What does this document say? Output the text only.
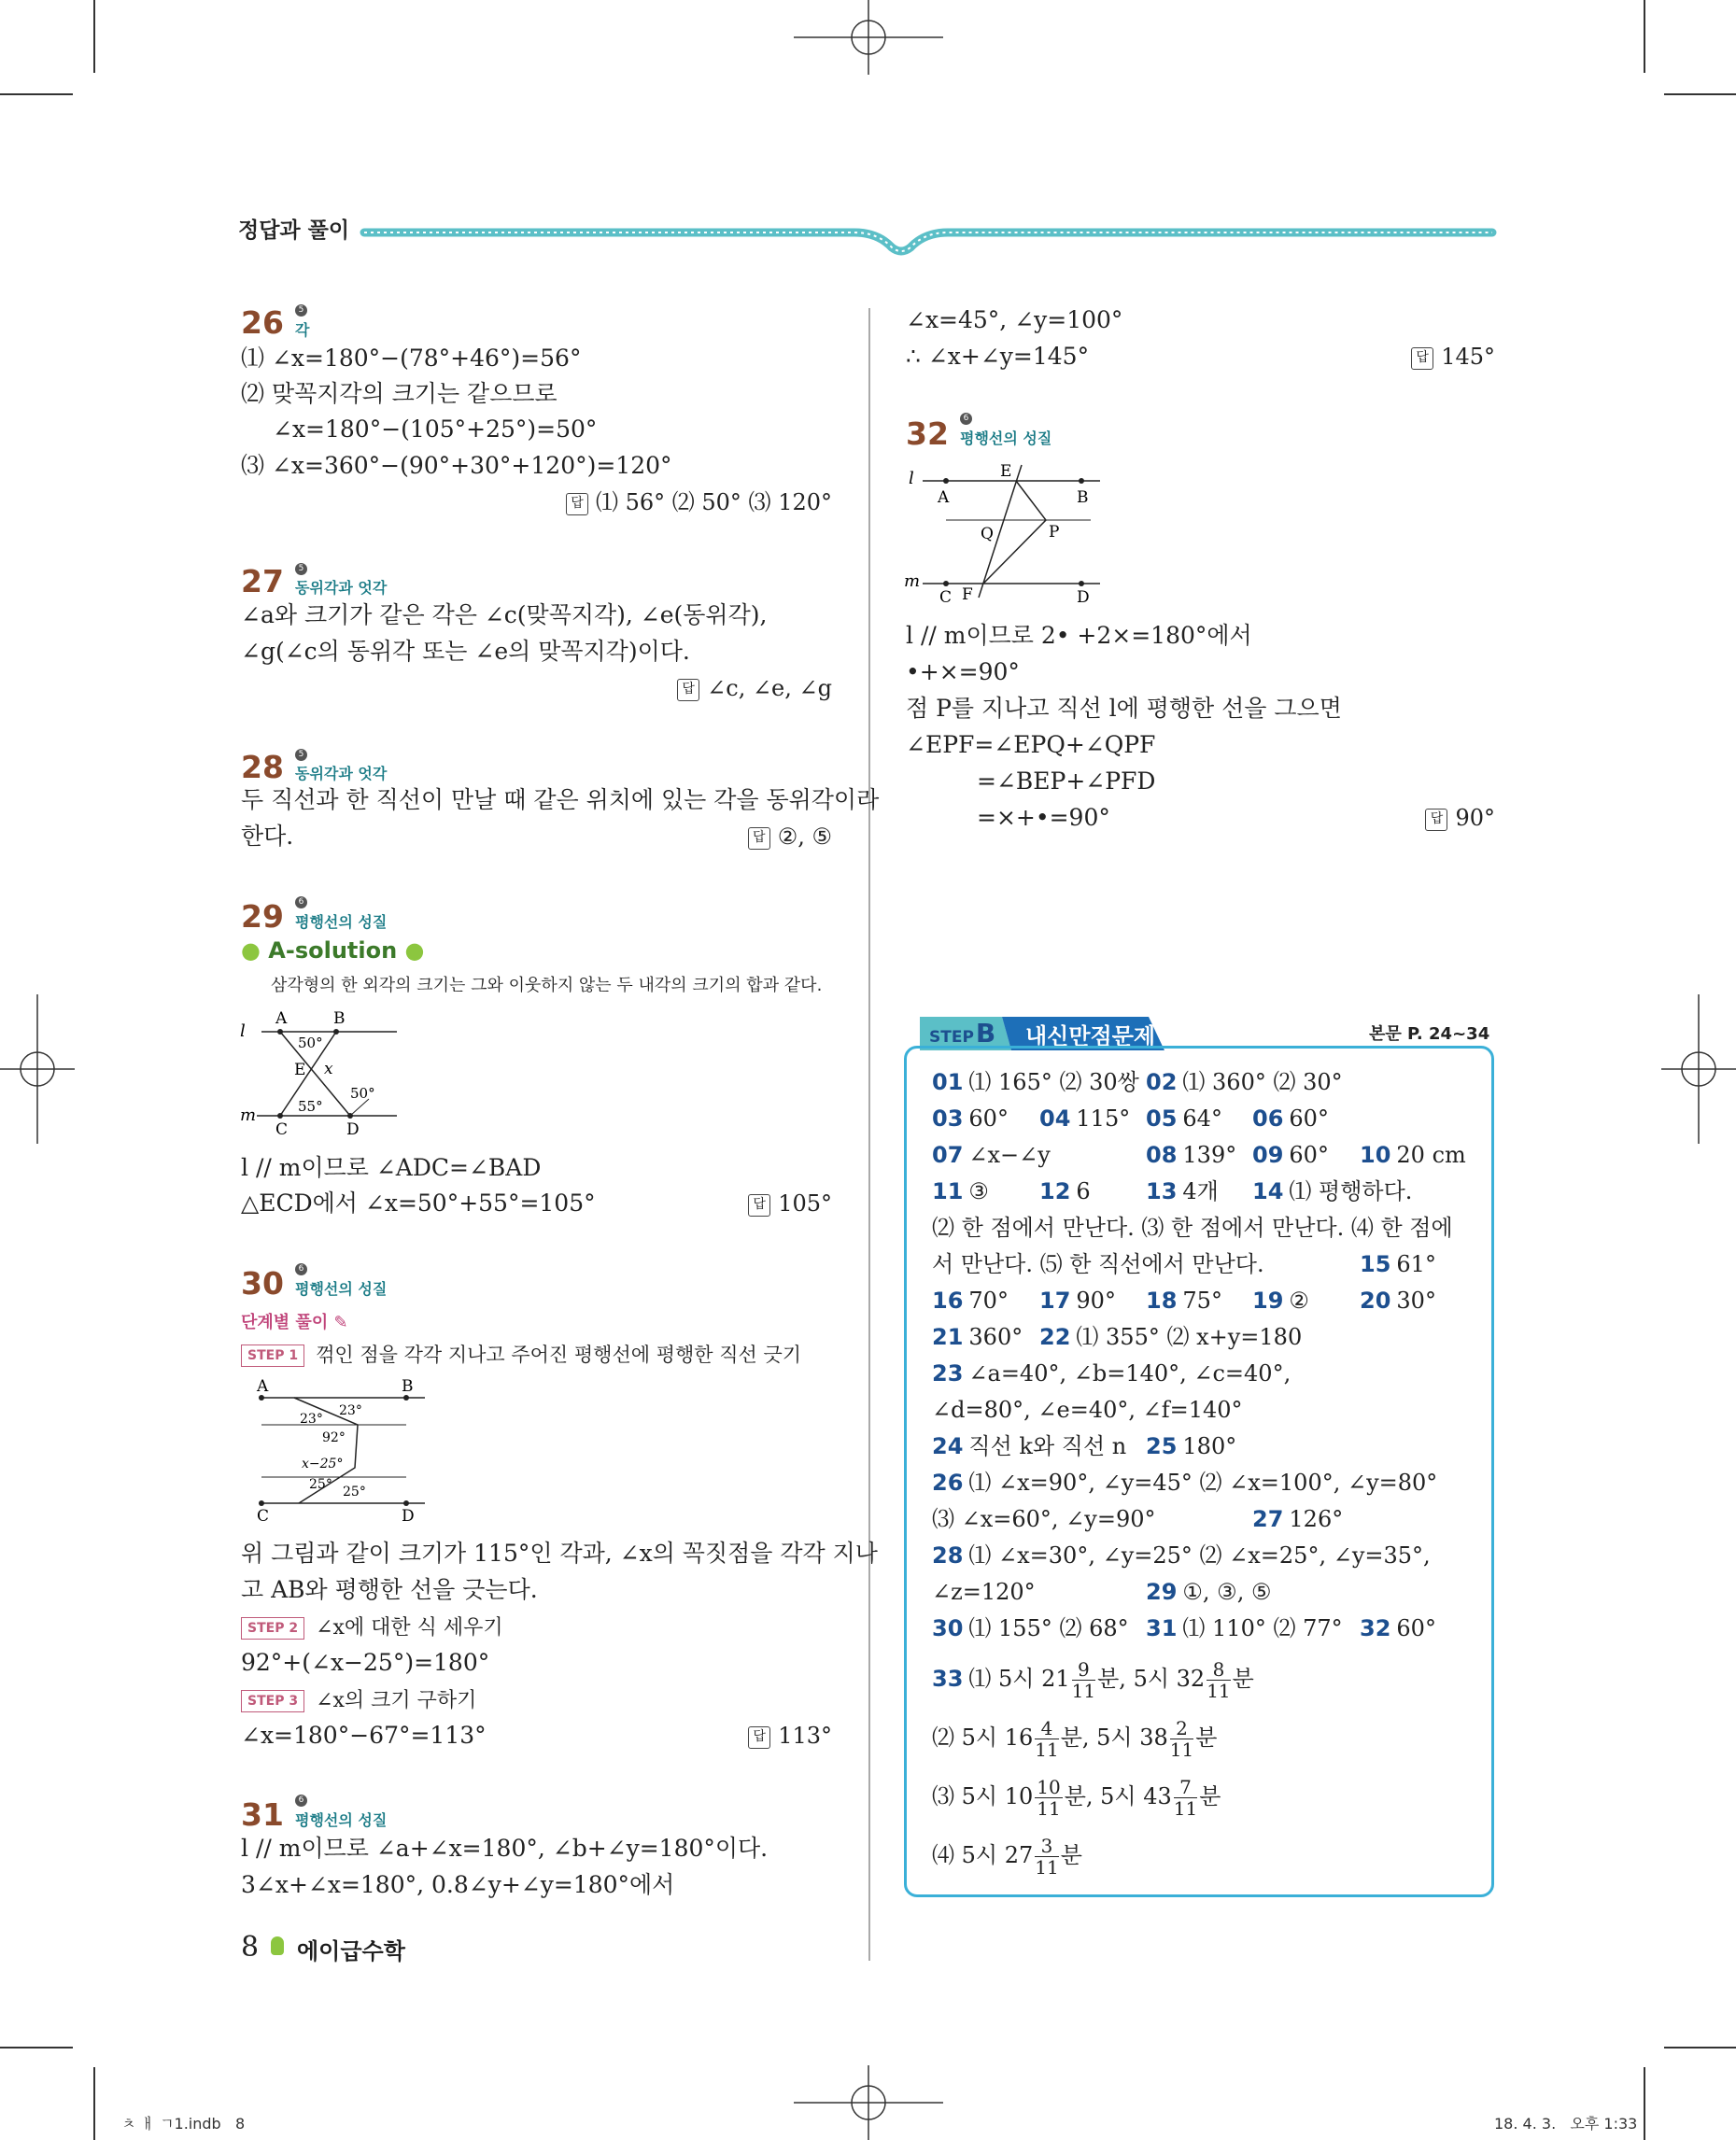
정답과 풀이
26	5
각
⑴ ∠x=180°−(78°+46°)=56°
⑵ 맞꼭지각의 크기는 같으므로
∠x=180°−(105°+25°)=50°
⑶ ∠x=360°−(90°+30°+120°)=120°
답 ⑴ 56° ⑵ 50° ⑶ 120°
27	5
동위각과 엇각
∠a와 크기가 같은 각은 ∠c(맞꼭지각), ∠e(동위각),
∠g(∠c의 동위각 또는 ∠e의 맞꼭지각)이다.
답 ∠c, ∠e, ∠g
28	5
동위각과 엇각
두 직선과 한 직선이 만날 때 같은 위치에 있는 각을 동위각이라
한다.	답 ②, ⑤
29	6
평행선의 성질
● A-solution ●
삼각형의 한 외각의 크기는 그와 이웃하지 않는 두 내각의 크기의 합과 같다.
l
m
A	B
C	D
E
50°
x
55°
50°
l // m이므로 ∠ADC=∠BAD
△ECD에서 ∠x=50°+55°=105°	답 105°
30	6
평행선의 성질
단계별 풀이 ✎
STEP 1 꺾인 점을 각각 지나고 주어진 평행선에 평행한 직선 긋기
A	B
C	D
23°
23°
92°
x−25°
25° 25°
위 그림과 같이 크기가 115°인 각과, ∠x의 꼭짓점을 각각 지나
고 AB와 평행한 선을 긋는다.
STEP 2 ∠x에 대한 식 세우기
92°+(∠x−25°)=180°
STEP 3 ∠x의 크기 구하기
∠x=180°−67°=113°	답 113°
31	6
평행선의 성질
l // m이므로 ∠a+∠x=180°, ∠b+∠y=180°이다.
3∠x+∠x=180°, 0.8∠y+∠y=180°에서
∠x=45°, ∠y=100°
∴ ∠x+∠y=145°	답 145°
32	6
평행선의 성질
l
m
A	B
C	D
E
F
P
Q
l // m이므로 2• +2×=180°에서
•+×=90°
점 P를 지나고 직선 l에 평행한 선을 그으면
∠EPF=∠EPQ+∠QPF
=∠BEP+∠PFD
=×+•=90°	답 90°
STEPB 내신만점문제	본문 P. 24~34
01 ⑴ 165° ⑵ 30쌍 02 ⑴ 360° ⑵ 30°
03 60° 04 115° 05 64° 06 60°
07 ∠x−∠y	08 139° 09 60° 10 20 cm
11 ③ 12 6 13 4개 14 ⑴ 평행하다.
⑵ 한 점에서 만난다. ⑶ 한 점에서 만난다. ⑷ 한 점에
서 만난다. ⑸ 한 직선에서 만난다.	15 61°
16 70° 17 90° 18 75° 19 ② 20 30°
21 360° 22 ⑴ 355° ⑵ x+y=180
23 ∠a=40°, ∠b=140°, ∠c=40°,
∠d=80°, ∠e=40°, ∠f=140°
24 직선 k와 직선 n 25 180°
26 ⑴ ∠x=90°, ∠y=45° ⑵ ∠x=100°, ∠y=80°
⑶ ∠x=60°, ∠y=90°	27 126°
28 ⑴ ∠x=30°, ∠y=25° ⑵ ∠x=25°, ∠y=35°,
∠z=120°	29 ①, ③, ⑤
30 ⑴ 155° ⑵ 68° 31 ⑴ 110° ⑵ 77° 32 60°
33 ⑴ 5시 $21 \frac{9}{11}$ 분, 5시 $32 \frac{8}{11}$ 분
⑵ 5시 $16 \frac{4}{11}$ 분, 5시 $38 \frac{2}{11}$ 분
⑶ 5시 $10 \frac{10}{11}$ 분, 5시 $43 \frac{7}{11}$ 분
⑷ 5시 $27 \frac{3}{11}$ 분
8 에이급수학
ㅊ ㅐ ㄱ1.indb   8	18. 4. 3.   오후 1:33
